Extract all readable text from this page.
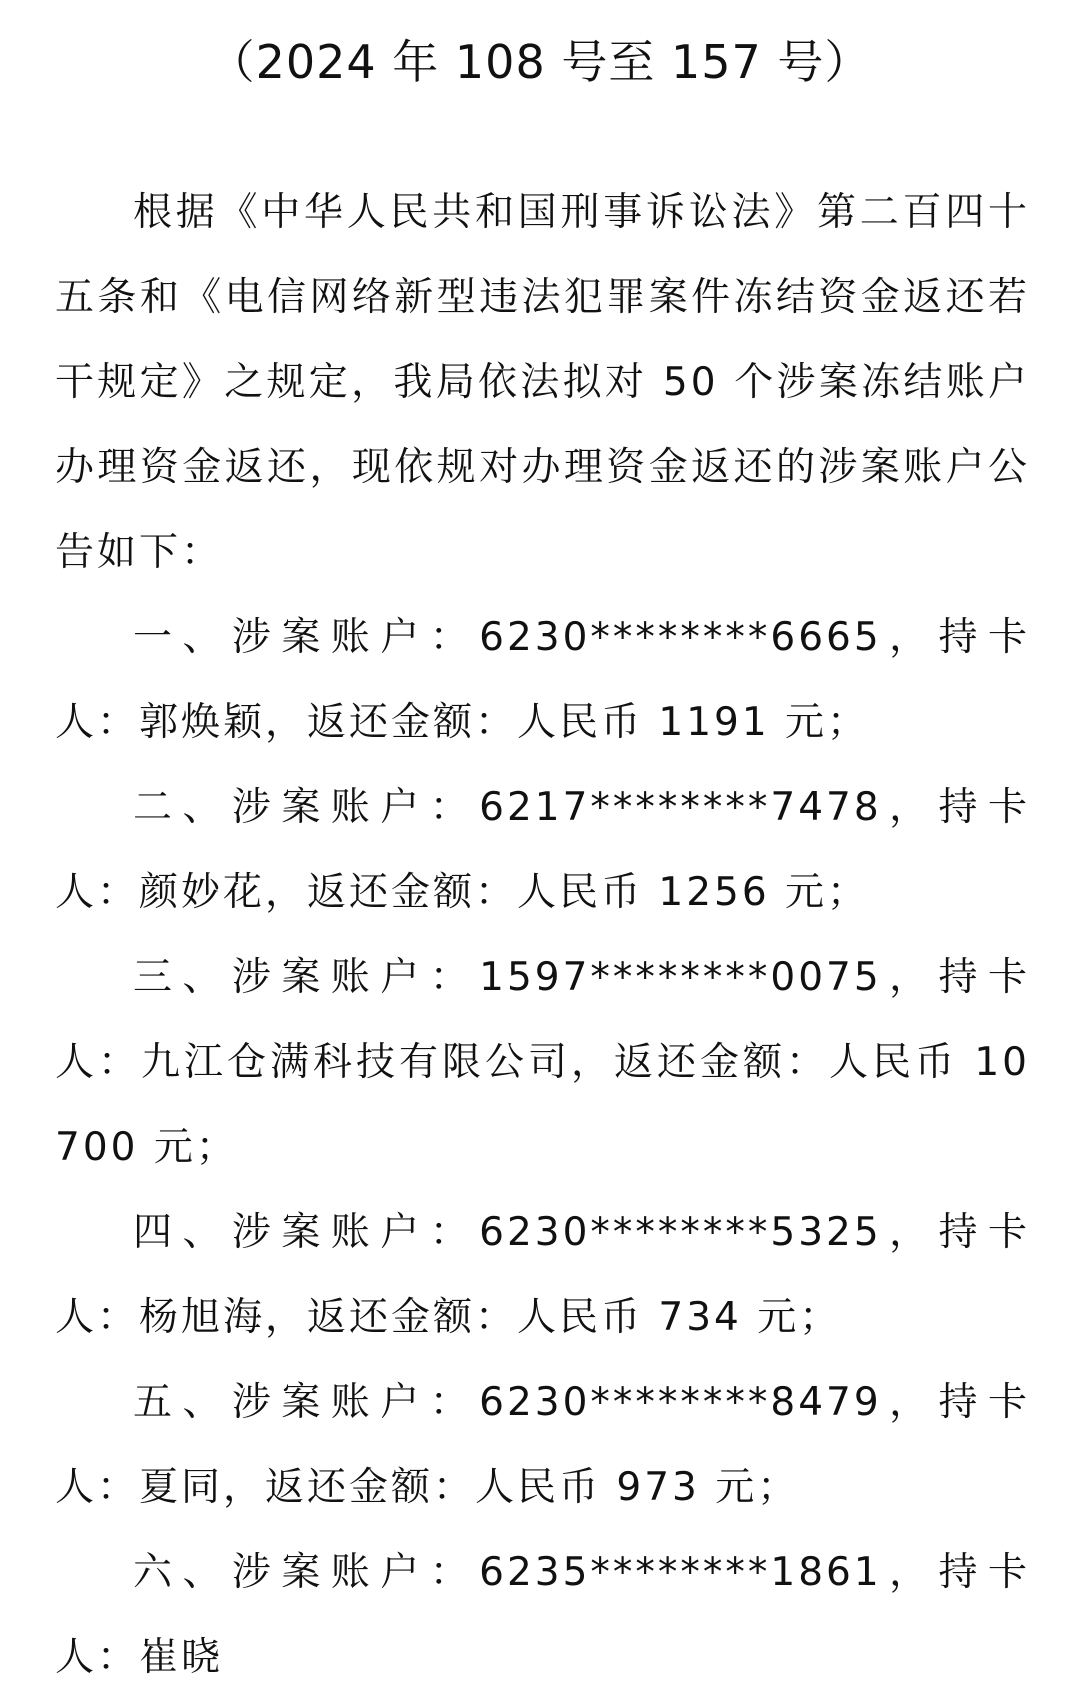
（2024 年 108 号至 157 号）

根据《中华人民共和国刑事诉讼法》第二百四十五条和《电信网络新型违法犯罪案件冻结资金返还若干规定》之规定，我局依法拟对 50 个涉案冻结账户办理资金返还，现依规对办理资金返还的涉案账户公告如下：

一、涉案账户：6230********6665，持卡人：郭焕颖，返还金额：人民币 1191 元；

二、涉案账户：6217********7478，持卡人：颜妙花，返还金额：人民币 1256 元；

三、涉案账户：1597********0075，持卡人：九江仓满科技有限公司，返还金额：人民币 10700 元；

四、涉案账户：6230********5325，持卡人：杨旭海，返还金额：人民币 734 元；

五、涉案账户：6230********8479，持卡人：夏同，返还金额：人民币 973 元；

六、涉案账户：6235********1861，持卡人：崔晓
